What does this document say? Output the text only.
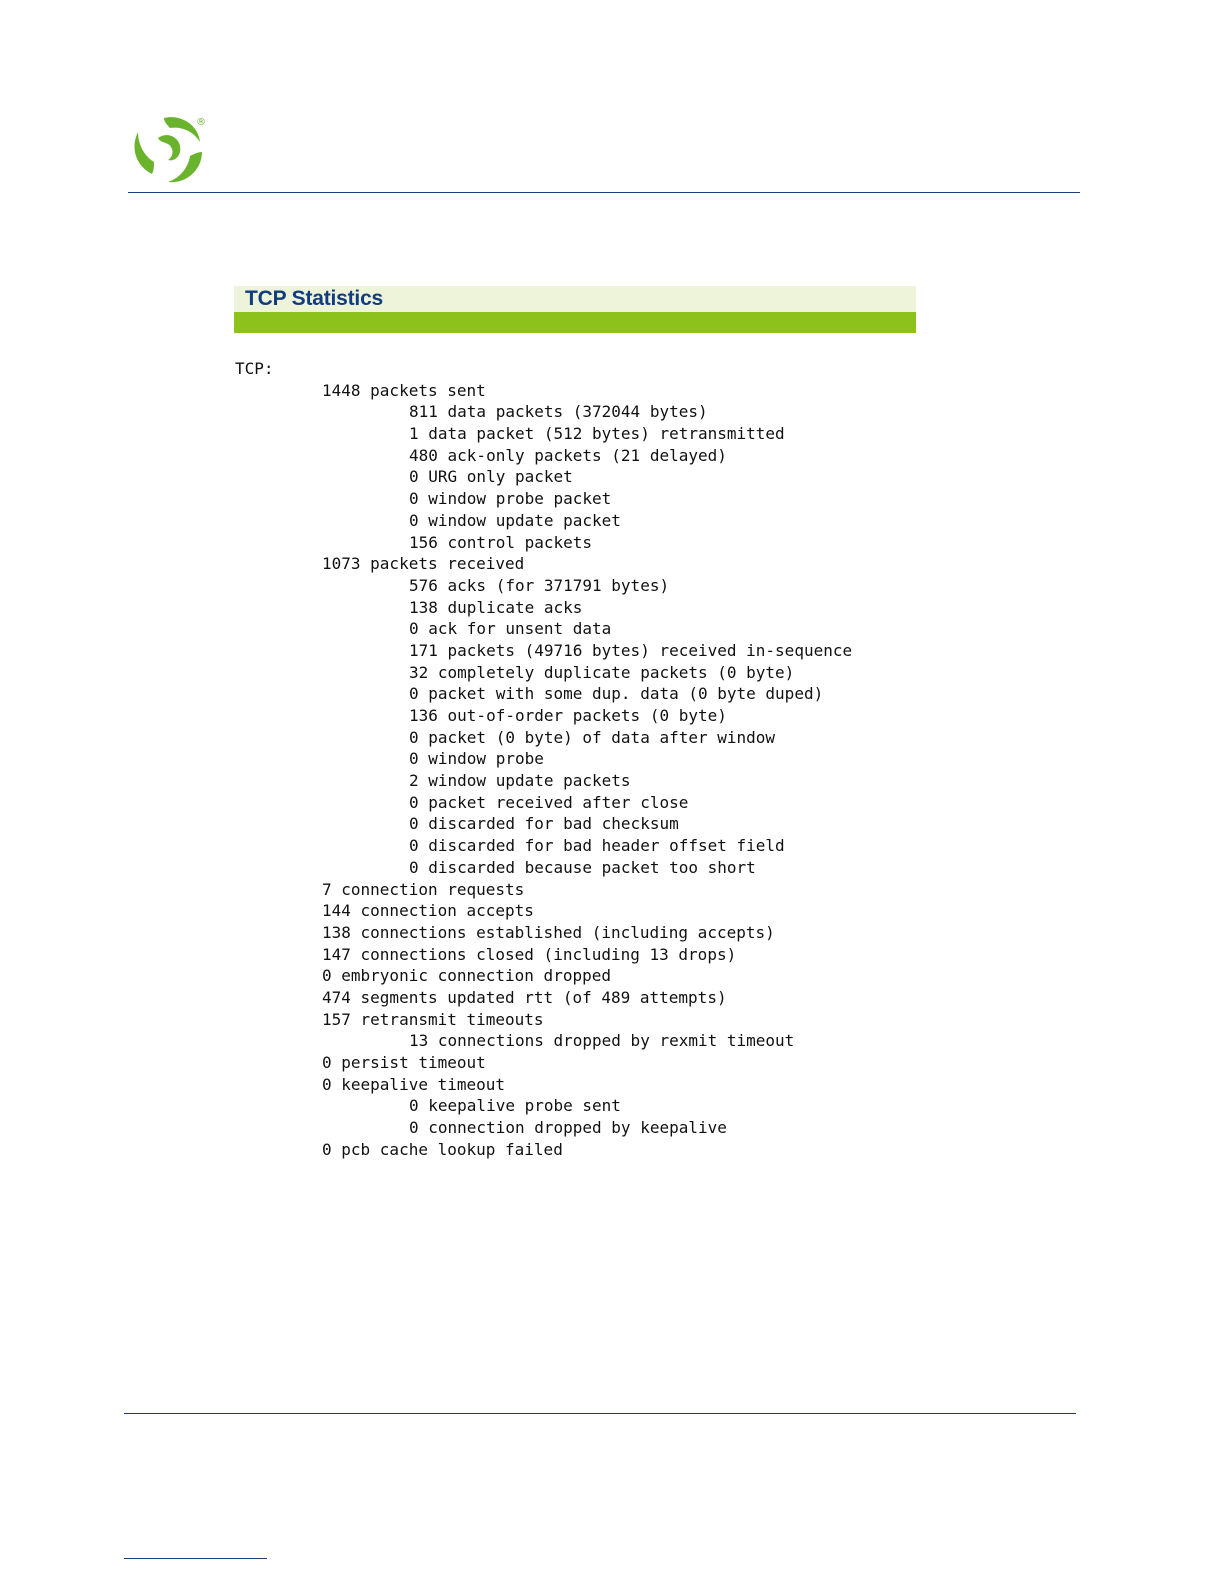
®
TCP Statistics
TCP:
1448 packets sent
811 data packets (372044 bytes)
1 data packet (512 bytes) retransmitted
480 ack-only packets (21 delayed)
0 URG only packet
0 window probe packet
0 window update packet
156 control packets
1073 packets received
576 acks (for 371791 bytes)
138 duplicate acks
0 ack for unsent data
171 packets (49716 bytes) received in-sequence
32 completely duplicate packets (0 byte)
0 packet with some dup. data (0 byte duped)
136 out-of-order packets (0 byte)
0 packet (0 byte) of data after window
0 window probe
2 window update packets
0 packet received after close
0 discarded for bad checksum
0 discarded for bad header offset field
0 discarded because packet too short
7 connection requests
144 connection accepts
138 connections established (including accepts)
147 connections closed (including 13 drops)
0 embryonic connection dropped
474 segments updated rtt (of 489 attempts)
157 retransmit timeouts
13 connections dropped by rexmit timeout
0 persist timeout
0 keepalive timeout
0 keepalive probe sent
0 connection dropped by keepalive
0 pcb cache lookup failed
